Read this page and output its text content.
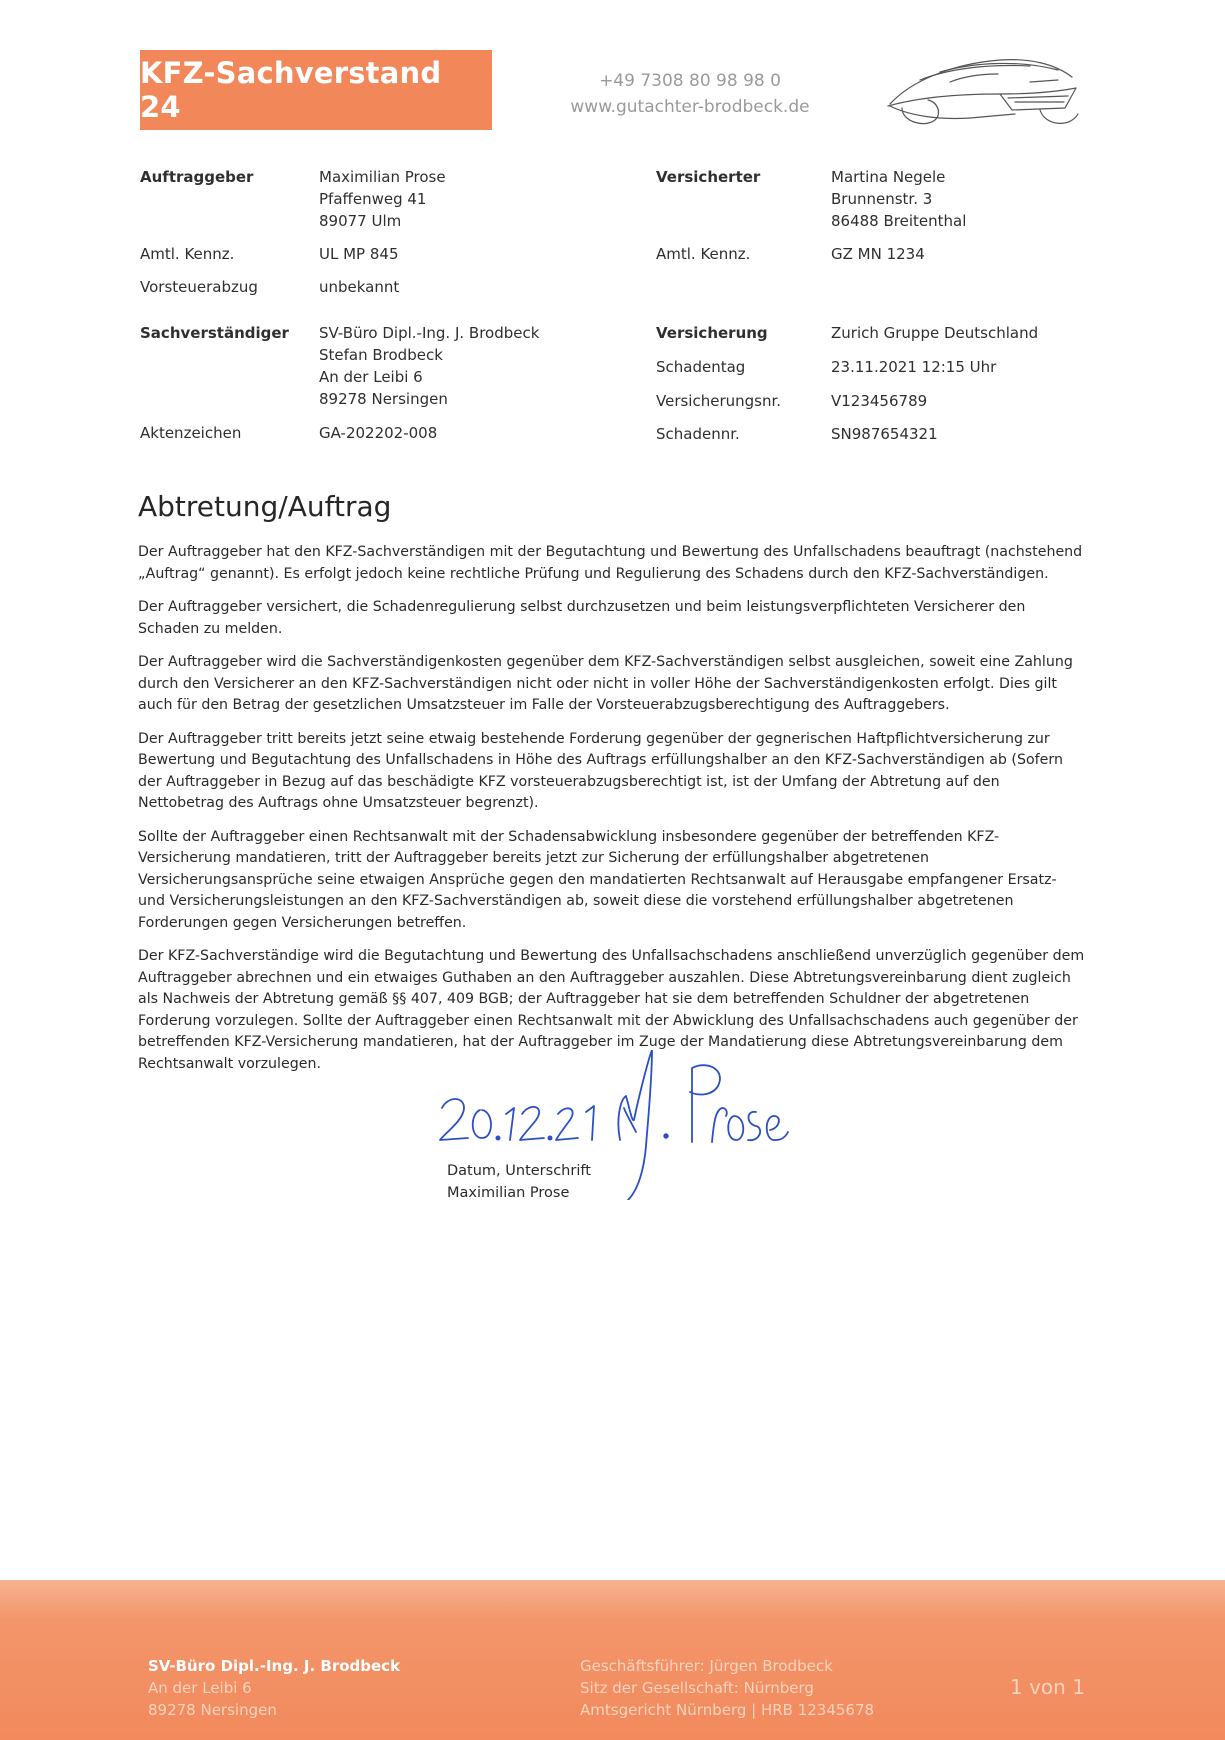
KFZ-Sachverstand 24
+49 7308 80 98 98 0
www.gutachter-brodbeck.de
Auftraggeber	Maximilian Prose
Pfaffenweg 41
89077 Ulm
Amtl. Kennz.	UL MP 845
Vorsteuerabzug	unbekannt
Sachverständiger SV-Büro Dipl.-Ing. J. Brodbeck
Stefan Brodbeck
An der Leibi 6
89278 Nersingen
Aktenzeichen	GA-202202-008
Versicherter	Martina Negele
Brunnenstr. 3
86488 Breitenthal
Amtl. Kennz.	GZ MN 1234
Versicherung	Zurich Gruppe Deutschland
Schadentag	23.11.2021 12:15 Uhr
Versicherungsnr.	V123456789
Schadennr.	SN987654321
Abtretung/Auftrag

Der Auftraggeber hat den KFZ-Sachverständigen mit der Begutachtung und Bewertung des Unfallschadens beauftragt (nachstehend „Auftrag“ genannt). Es erfolgt jedoch keine rechtliche Prüfung und Regulierung des Schadens durch den KFZ-Sachverständigen.

Der Auftraggeber versichert, die Schadenregulierung selbst durchzusetzen und beim leistungsverpflichteten Versicherer den Schaden zu melden.

Der Auftraggeber wird die Sachverständigenkosten gegenüber dem KFZ-Sachverständigen selbst ausgleichen, soweit eine Zahlung durch den Versicherer an den KFZ-Sachverständigen nicht oder nicht in voller Höhe der Sachverständigenkosten erfolgt. Dies gilt auch für den Betrag der gesetzlichen Umsatzsteuer im Falle der Vorsteuerabzugsberechtigung des Auftraggebers.

Der Auftraggeber tritt bereits jetzt seine etwaig bestehende Forderung gegenüber der gegnerischen Haftpflichtversicherung zur Bewertung und Begutachtung des Unfallschadens in Höhe des Auftrags erfüllungshalber an den KFZ-Sachverständigen ab (Sofern der Auftraggeber in Bezug auf das beschädigte KFZ vorsteuerabzugsberechtigt ist, ist der Umfang der Abtretung auf den Nettobetrag des Auftrags ohne Umsatzsteuer begrenzt).

Sollte der Auftraggeber einen Rechtsanwalt mit der Schadensabwicklung insbesondere gegenüber der betreffenden KFZ-Versicherung mandatieren, tritt der Auftraggeber bereits jetzt zur Sicherung der erfüllungshalber abgetretenen Versicherungsansprüche seine etwaigen Ansprüche gegen den mandatierten Rechtsanwalt auf Herausgabe empfangener Ersatz- und Versicherungsleistungen an den KFZ-Sachverständigen ab, soweit diese die vorstehend erfüllungshalber abgetretenen Forderungen gegen Versicherungen betreffen.

Der KFZ-Sachverständige wird die Begutachtung und Bewertung des Unfallsachschadens anschließend unverzüglich gegenüber dem Auftraggeber abrechnen und ein etwaiges Guthaben an den Auftraggeber auszahlen. Diese Abtretungsvereinbarung dient zugleich als Nachweis der Abtretung gemäß §§ 407, 409 BGB; der Auftraggeber hat sie dem betreffenden Schuldner der abgetretenen Forderung vorzulegen. Sollte der Auftraggeber einen Rechtsanwalt mit der Abwicklung des Unfallsachschadens auch gegenüber der betreffenden KFZ-Versicherung mandatieren, hat der Auftraggeber im Zuge der Mandatierung diese Abtretungsvereinbarung dem Rechtsanwalt vorzulegen.

Datum, Unterschrift
Maximilian Prose
SV-Büro Dipl.-Ing. J. Brodbeck
An der Leibi 6
89278 Nersingen
Geschäftsführer: Jürgen Brodbeck
Sitz der Gesellschaft: Nürnberg
Amtsgericht Nürnberg | HRB 12345678
1 von 1
